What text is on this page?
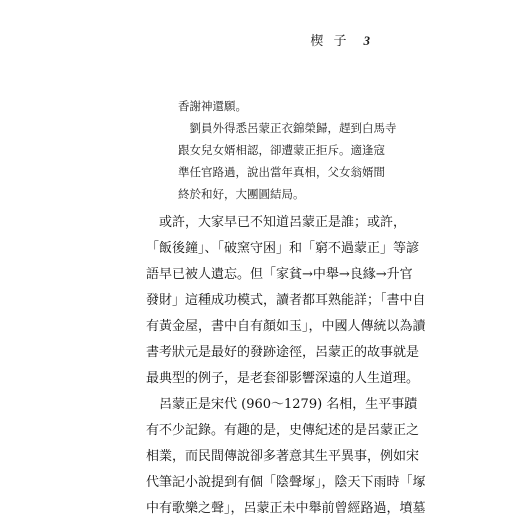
楔 子 3

香謝神還願。

　劉員外得悉呂蒙正衣錦榮歸，趕到白馬寺

跟女兒女婿相認，卻遭蒙正拒斥。適逢寇

準任官路過，說出當年真相，父女翁婿間

終於和好，大團圓結局。

　或許，大家早已不知道呂蒙正是誰；或許，

「飯後鐘」、「破窯守困」和「窮不過蒙正」等諺

語早已被人遺忘。但「家貧→中舉→良緣→升官

發財」這種成功模式，讀者都耳熟能詳；「書中自

有黃金屋，書中自有顏如玉」，中國人傳統以為讀

書考狀元是最好的發跡途徑，呂蒙正的故事就是

最典型的例子，是老套卻影響深遠的人生道理。

　呂蒙正是宋代 (960～1279) 名相，生平事蹟

有不少記錄。有趣的是，史傳紀述的是呂蒙正之

相業，而民間傳說卻多著意其生平異事，例如宋

代筆記小說提到有個「陰聲塚」，陰天下雨時「塚

中有歌樂之聲」，呂蒙正未中舉前曾經路過，墳墓
